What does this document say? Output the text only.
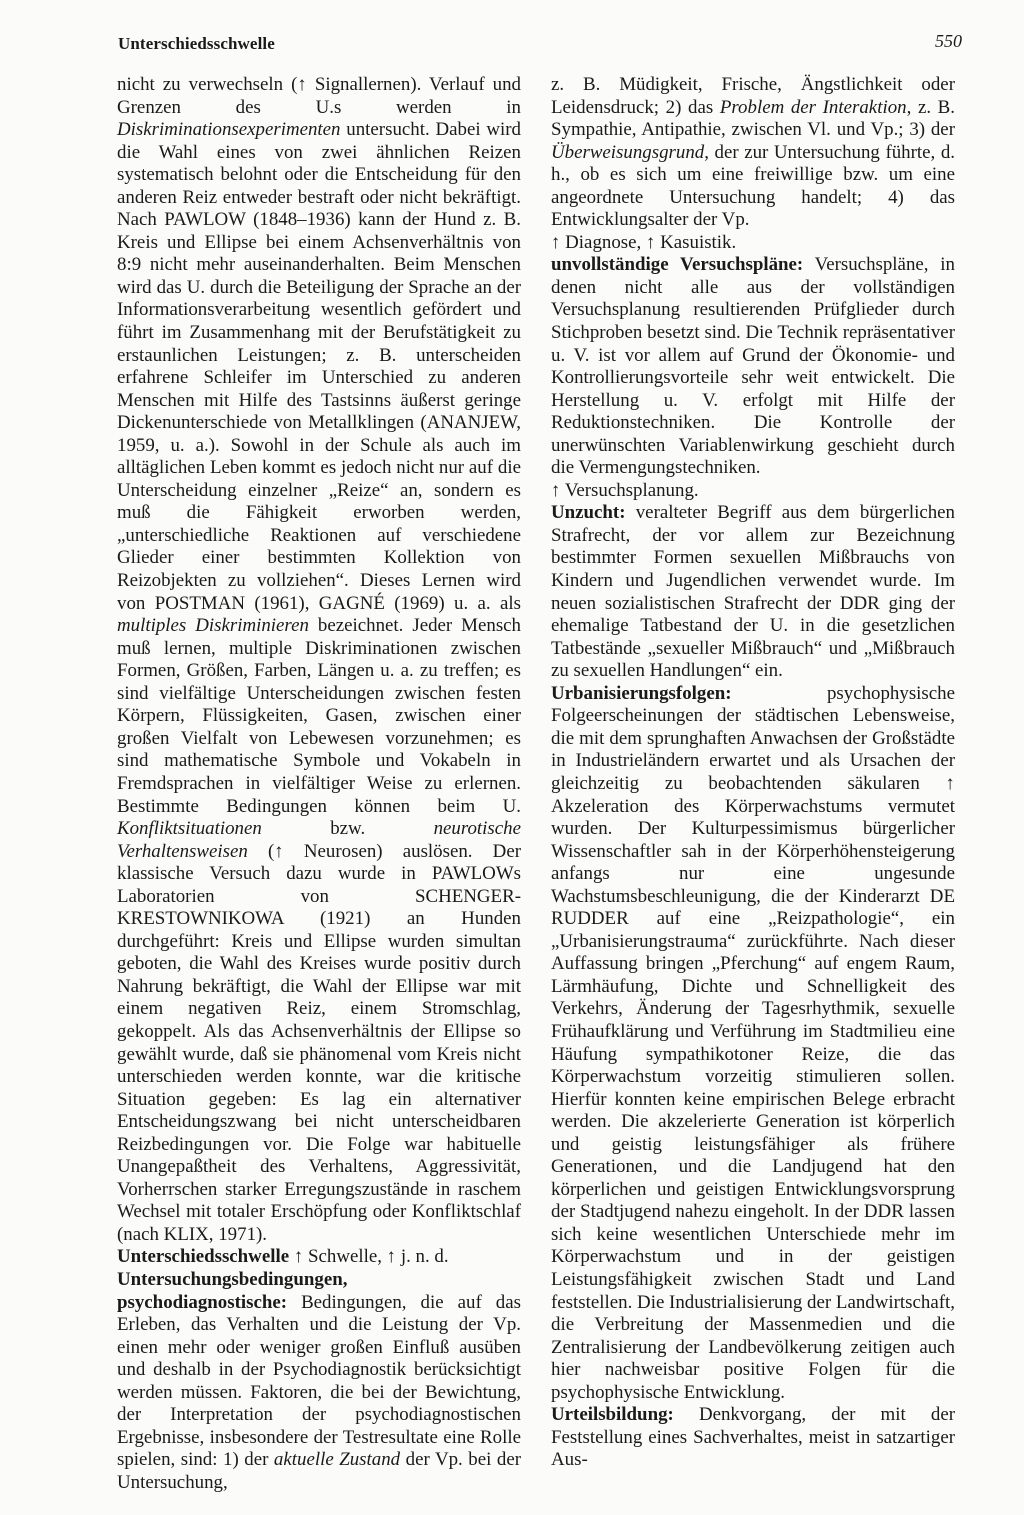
Unterschiedsschwelle	550

nicht zu verwechseln (↑ Signallernen). Verlauf und Grenzen des U.s werden in Diskriminationsexperimenten untersucht. Dabei wird die Wahl eines von zwei ähnlichen Reizen systematisch belohnt oder die Entscheidung für den anderen Reiz entweder bestraft oder nicht bekräftigt. Nach PAWLOW (1848–1936) kann der Hund z. B. Kreis und Ellipse bei einem Achsenverhältnis von 8:9 nicht mehr auseinanderhalten. Beim Menschen wird das U. durch die Beteiligung der Sprache an der Informationsverarbeitung wesentlich gefördert und führt im Zusammenhang mit der Berufstätigkeit zu erstaunlichen Leistungen; z. B. unterscheiden erfahrene Schleifer im Unterschied zu anderen Menschen mit Hilfe des Tastsinns äußerst geringe Dickenunterschiede von Metallklingen (ANANJEW, 1959, u. a.). Sowohl in der Schule als auch im alltäglichen Leben kommt es jedoch nicht nur auf die Unterscheidung einzelner „Reize“ an, sondern es muß die Fähigkeit erworben werden, „unterschiedliche Reaktionen auf verschiedene Glieder einer bestimmten Kollektion von Reizobjekten zu vollziehen“. Dieses Lernen wird von POSTMAN (1961), GAGNÉ (1969) u. a. als multiples Diskriminieren bezeichnet. Jeder Mensch muß lernen, multiple Diskriminationen zwischen Formen, Größen, Farben, Längen u. a. zu treffen; es sind vielfältige Unterscheidungen zwischen festen Körpern, Flüssigkeiten, Gasen, zwischen einer großen Vielfalt von Lebewesen vorzunehmen; es sind mathematische Symbole und Vokabeln in Fremdsprachen in vielfältiger Weise zu erlernen. Bestimmte Bedingungen können beim U. Konfliktsituationen bzw. neurotische Verhaltensweisen (↑ Neurosen) auslösen. Der klassische Versuch dazu wurde in PAWLOWs Laboratorien von SCHENGER-KRESTOWNIKOWA (1921) an Hunden durchgeführt: Kreis und Ellipse wurden simultan geboten, die Wahl des Kreises wurde positiv durch Nahrung bekräftigt, die Wahl der Ellipse war mit einem negativen Reiz, einem Stromschlag, gekoppelt. Als das Achsenverhältnis der Ellipse so gewählt wurde, daß sie phänomenal vom Kreis nicht unterschieden werden konnte, war die kritische Situation gegeben: Es lag ein alternativer Entscheidungszwang bei nicht unterscheidbaren Reizbedingungen vor. Die Folge war habituelle Unangepaßtheit des Verhaltens, Aggressivität, Vorherrschen starker Erregungszustände in raschem Wechsel mit totaler Erschöpfung oder Konfliktschlaf (nach KLIX, 1971).

Unterschiedsschwelle ↑ Schwelle, ↑ j. n. d.

Untersuchungsbedingungen, psychodiagnostische: Bedingungen, die auf das Erleben, das Verhalten und die Leistung der Vp. einen mehr oder weniger großen Einfluß ausüben und deshalb in der Psychodiagnostik berücksichtigt werden müssen. Faktoren, die bei der Bewichtung, der Interpretation der psychodiagnostischen Ergebnisse, insbesondere der Testresultate eine Rolle spielen, sind: 1) der aktuelle Zustand der Vp. bei der Untersuchung,

z. B. Müdigkeit, Frische, Ängstlichkeit oder Leidensdruck; 2) das Problem der Interaktion, z. B. Sympathie, Antipathie, zwischen Vl. und Vp.; 3) der Überweisungsgrund, der zur Untersuchung führte, d. h., ob es sich um eine freiwillige bzw. um eine angeordnete Untersuchung handelt; 4) das Entwicklungsalter der Vp.

↑ Diagnose, ↑ Kasuistik.

unvollständige Versuchspläne: Versuchspläne, in denen nicht alle aus der vollständigen Versuchsplanung resultierenden Prüfglieder durch Stichproben besetzt sind. Die Technik repräsentativer u. V. ist vor allem auf Grund der Ökonomie- und Kontrollierungsvorteile sehr weit entwickelt. Die Herstellung u. V. erfolgt mit Hilfe der Reduktionstechniken. Die Kontrolle der unerwünschten Variablenwirkung geschieht durch die Vermengungstechniken.

↑ Versuchsplanung.

Unzucht: veralteter Begriff aus dem bürgerlichen Strafrecht, der vor allem zur Bezeichnung bestimmter Formen sexuellen Mißbrauchs von Kindern und Jugendlichen verwendet wurde. Im neuen sozialistischen Strafrecht der DDR ging der ehemalige Tatbestand der U. in die gesetzlichen Tatbestände „sexueller Mißbrauch“ und „Mißbrauch zu sexuellen Handlungen“ ein.

Urbanisierungsfolgen: psychophysische Folgeerscheinungen der städtischen Lebensweise, die mit dem sprunghaften Anwachsen der Großstädte in Industrieländern erwartet und als Ursachen der gleichzeitig zu beobachtenden säkularen ↑ Akzeleration des Körperwachstums vermutet wurden. Der Kulturpessimismus bürgerlicher Wissenschaftler sah in der Körperhöhensteigerung anfangs nur eine ungesunde Wachstumsbeschleunigung, die der Kinderarzt DE RUDDER auf eine „Reizpathologie“, ein „Urbanisierungstrauma“ zurückführte. Nach dieser Auffassung bringen „Pferchung“ auf engem Raum, Lärmhäufung, Dichte und Schnelligkeit des Verkehrs, Änderung der Tagesrhythmik, sexuelle Frühaufklärung und Verführung im Stadtmilieu eine Häufung sympathikotoner Reize, die das Körperwachstum vorzeitig stimulieren sollen. Hierfür konnten keine empirischen Belege erbracht werden. Die akzelerierte Generation ist körperlich und geistig leistungsfähiger als frühere Generationen, und die Landjugend hat den körperlichen und geistigen Entwicklungsvorsprung der Stadtjugend nahezu eingeholt. In der DDR lassen sich keine wesentlichen Unterschiede mehr im Körperwachstum und in der geistigen Leistungsfähigkeit zwischen Stadt und Land feststellen. Die Industrialisierung der Landwirtschaft, die Verbreitung der Massenmedien und die Zentralisierung der Landbevölkerung zeitigen auch hier nachweisbar positive Folgen für die psychophysische Entwicklung.

Urteilsbildung: Denkvorgang, der mit der Feststellung eines Sachverhaltes, meist in satzartiger Aus-
